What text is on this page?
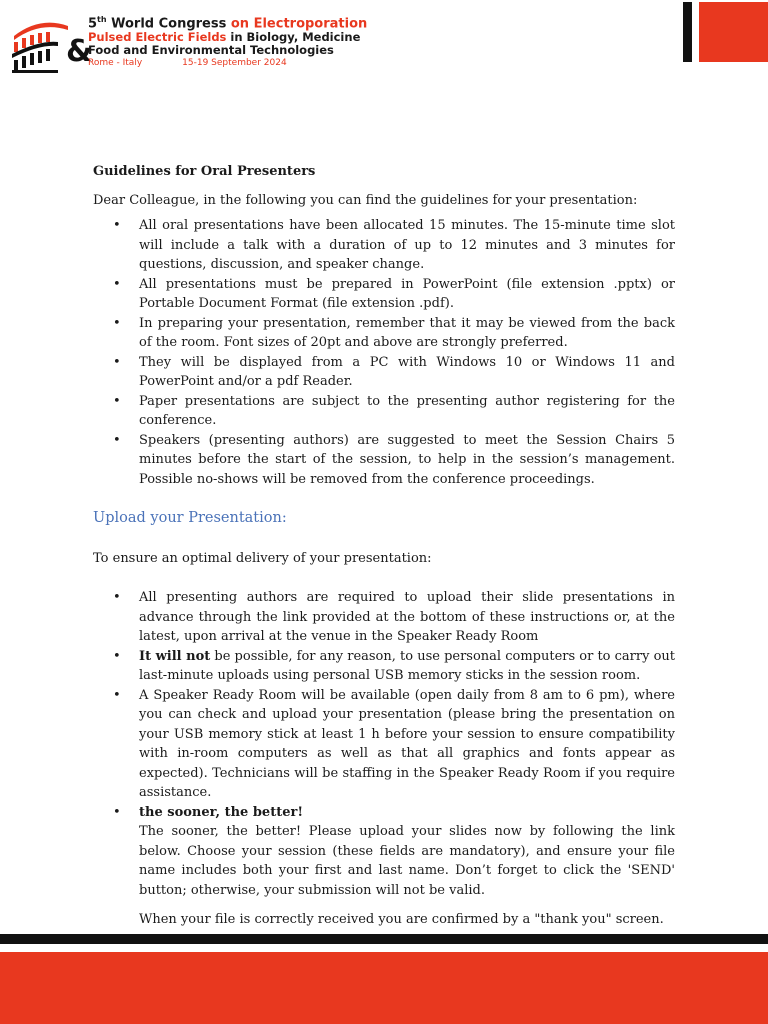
&
5th World Congress on Electroporation
Pulsed Electric Fields in Biology, Medicine
Food and Environmental Technologies
Rome - Italy	15-19 September 2024
Guidelines for Oral Presenters
Dear Colleague, in the following you can find the guidelines for your presentation:
• All oral presentations have been allocated 15 minutes. The 15-minute time slot will include a talk with a duration of up to 12 minutes and 3 minutes for questions, discussion, and speaker change.
• All presentations must be prepared in PowerPoint (file extension .pptx) or Portable Document Format (file extension .pdf).
• In preparing your presentation, remember that it may be viewed from the back of the room. Font sizes of 20pt and above are strongly preferred.
• They will be displayed from a PC with Windows 10 or Windows 11 and PowerPoint and/or a pdf Reader.
• Paper presentations are subject to the presenting author registering for the conference.
• Speakers (presenting authors) are suggested to meet the Session Chairs 5 minutes before the start of the session, to help in the session’s management. Possible no-shows will be removed from the conference proceedings.
Upload your Presentation:
To ensure an optimal delivery of your presentation:
• All presenting authors are required to upload their slide presentations in advance through the link provided at the bottom of these instructions or, at the latest, upon arrival at the venue in the Speaker Ready Room
• It will not be possible, for any reason, to use personal computers or to carry out last-minute uploads using personal USB memory sticks in the session room.
• A Speaker Ready Room will be available (open daily from 8 am to 6 pm), where you can check and upload your presentation (please bring the presentation on your USB memory stick at least 1 h before your session to ensure compatibility with in-room computers as well as that all graphics and fonts appear as expected). Technicians will be staffing in the Speaker Ready Room if you require assistance.
• the sooner, the better!
The sooner, the better! Please upload your slides now by following the link below. Choose your session (these fields are mandatory), and ensure your file name includes both your first and last name. Don’t forget to click the 'SEND' button; otherwise, your submission will not be valid.
When your file is correctly received you are confirmed by a "thank you" screen.
